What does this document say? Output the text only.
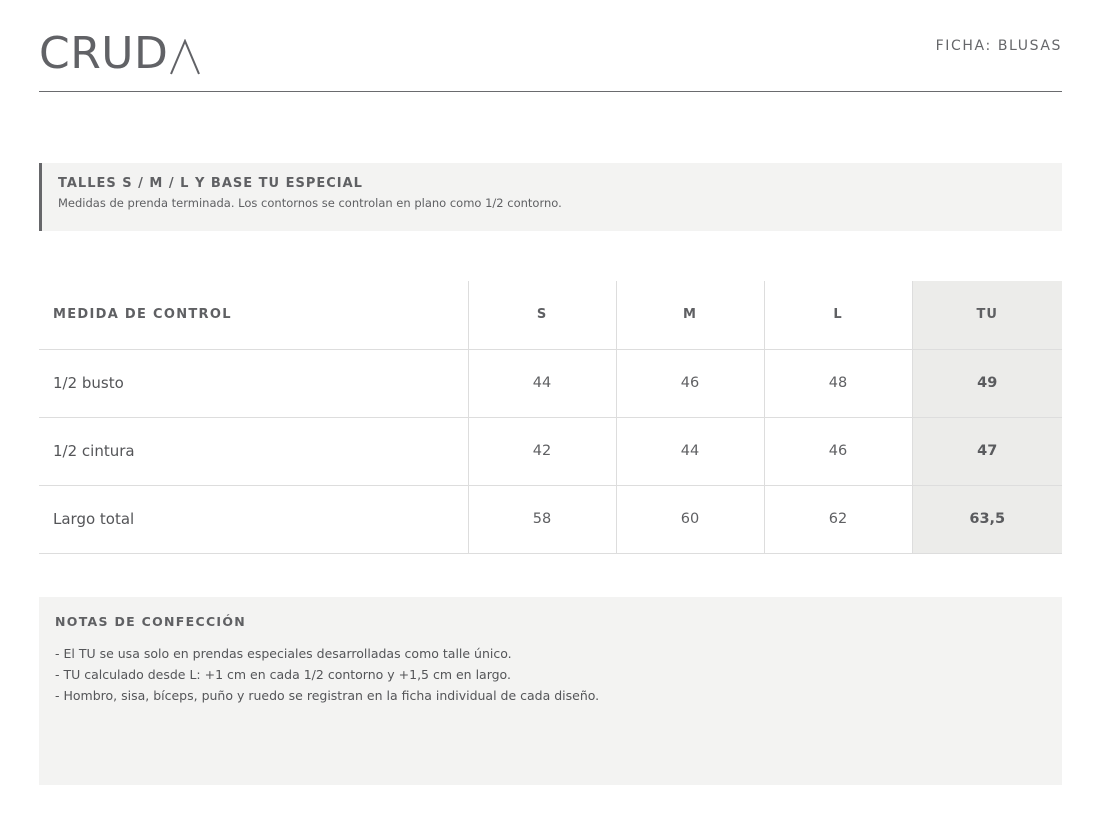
CRUD	FICHA: BLUSAS
TALLES S / M / L Y BASE TU ESPECIAL
Medidas de prenda terminada. Los contornos se controlan en plano como 1/2 contorno.
MEDIDA DE CONTROL	S	M	L	TU
1/2 busto	44	46	48	49
1/2 cintura	42	44	46	47
Largo total	58	60	62	63,5
NOTAS DE CONFECCIÓN
- El TU se usa solo en prendas especiales desarrolladas como talle único.
- TU calculado desde L: +1 cm en cada 1/2 contorno y +1,5 cm en largo.
- Hombro, sisa, bíceps, puño y ruedo se registran en la ficha individual de cada diseño.
